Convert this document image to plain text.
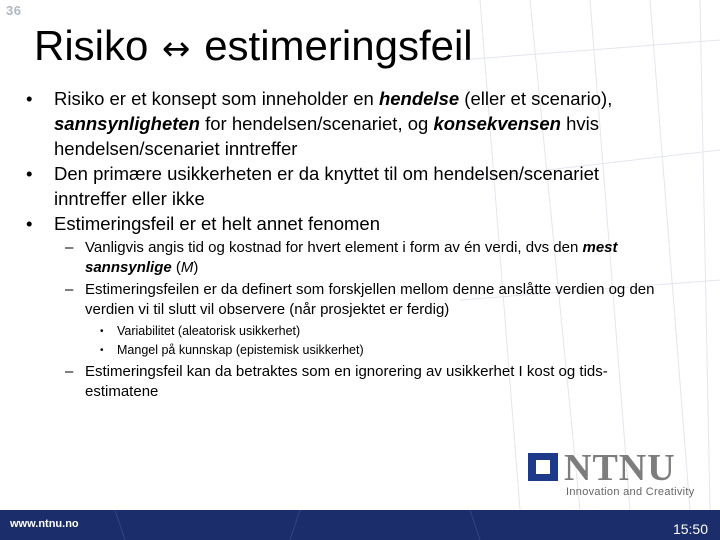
36
Risiko ↔ estimeringsfeil
• Risiko er et konsept som inneholder en hendelse (eller et scenario), sannsynligheten for hendelsen/scenariet, og konsekvensen hvis hendelsen/scenariet inntreffer
• Den primære usikkerheten er da knyttet til om hendelsen/scenariet inntreffer eller ikke
• Estimeringsfeil er et helt annet fenomen
– Vanligvis angis tid og kostnad for hvert element i form av én verdi, dvs den mest sannsynlige (M)
– Estimeringsfeilen er da definert som forskjellen mellom denne anslåtte verdien og den verdien vi til slutt vil observere (når prosjektet er ferdig)
• Variabilitet (aleatorisk usikkerhet)
• Mangel på kunnskap (epistemisk usikkerhet)
– Estimeringsfeil kan da betraktes som en ignorering av usikkerhet I kost og tids-estimatene
NTNU
Innovation and Creativity
www.ntnu.no	15:50
